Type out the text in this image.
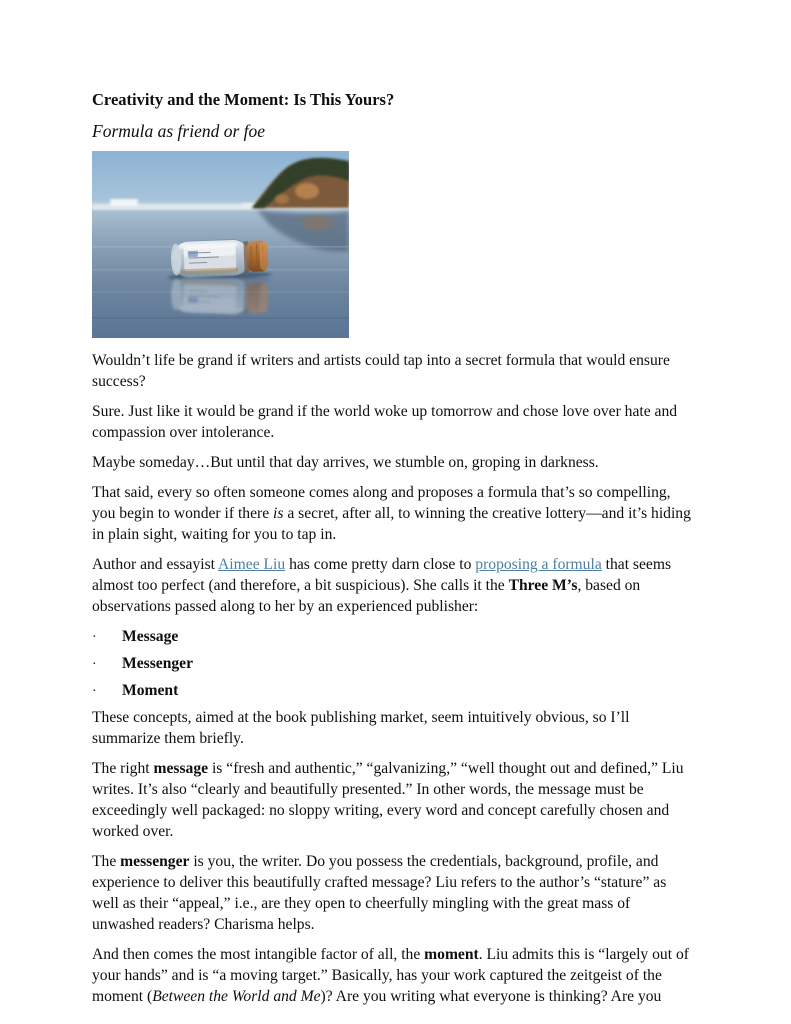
Creativity and the Moment: Is This Yours?
Formula as friend or foe

Wouldn’t life be grand if writers and artists could tap into a secret formula that would ensure success?

Sure. Just like it would be grand if the world woke up tomorrow and chose love over hate and compassion over intolerance.

Maybe someday…But until that day arrives, we stumble on, groping in darkness.

That said, every so often someone comes along and proposes a formula that’s so compelling, you begin to wonder if there is a secret, after all, to winning the creative lottery—and it’s hiding in plain sight, waiting for you to tap in.

Author and essayist Aimee Liu has come pretty darn close to proposing a formula that seems almost too perfect (and therefore, a bit suspicious). She calls it the Three M’s, based on observations passed along to her by an experienced publisher:

·	Message
·	Messenger
·	Moment

These concepts, aimed at the book publishing market, seem intuitively obvious, so I’ll summarize them briefly.

The right message is “fresh and authentic,” “galvanizing,” “well thought out and defined,” Liu writes. It’s also “clearly and beautifully presented.” In other words, the message must be exceedingly well packaged: no sloppy writing, every word and concept carefully chosen and worked over.

The messenger is you, the writer. Do you possess the credentials, background, profile, and experience to deliver this beautifully crafted message? Liu refers to the author’s “stature” as well as their “appeal,” i.e., are they open to cheerfully mingling with the great mass of unwashed readers? Charisma helps.

And then comes the most intangible factor of all, the moment. Liu admits this is “largely out of your hands” and is “a moving target.” Basically, has your work captured the zeitgeist of the moment (Between the World and Me)? Are you writing what everyone is thinking? Are you
